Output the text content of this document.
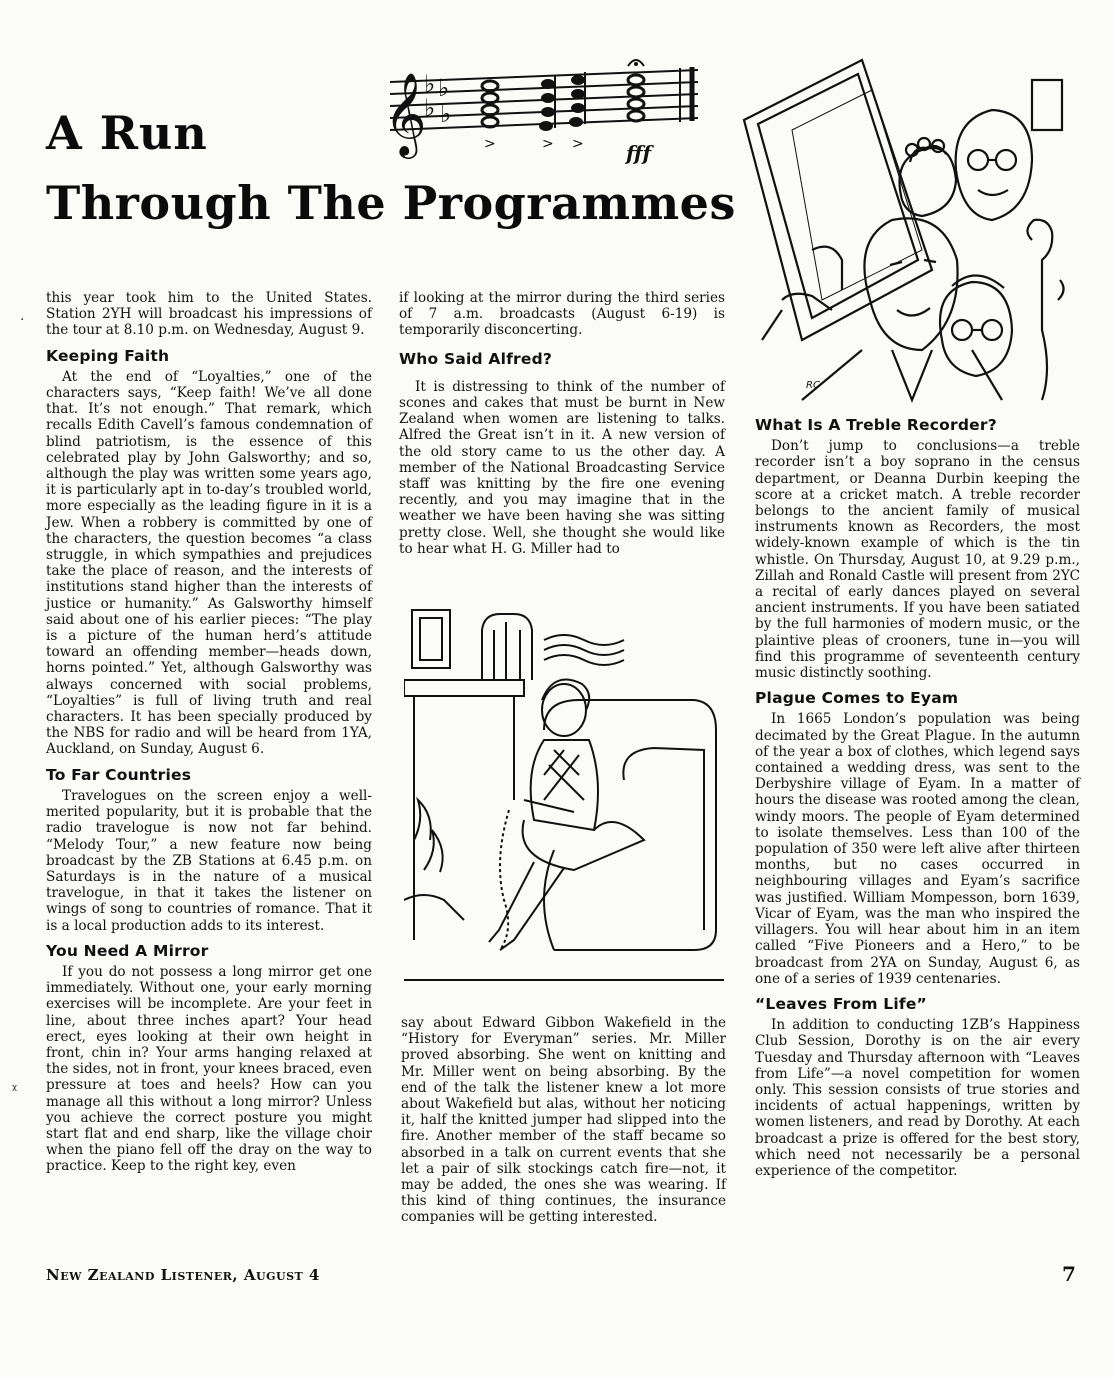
A Run
Through The Programmes
𝄞
♭ ♭
♭ ♭
>	> > fff

this year took him to the United States. Station 2YH will broadcast his impressions of the tour at 8.10 p.m. on Wednesday, August 9.

Keeping Faith

At the end of “Loyalties,” one of the characters says, “Keep faith! We’ve all done that. It’s not enough.” That remark, which recalls Edith Cavell’s famous condemnation of blind patriotism, is the essence of this celebrated play by John Galsworthy; and so, although the play was written some years ago, it is particularly apt in to-day’s troubled world, more especially as the leading figure in it is a Jew. When a robbery is committed by one of the characters, the question becomes “a class struggle, in which sympathies and prejudices take the place of reason, and the interests of institutions stand higher than the interests of justice or humanity.” As Galsworthy himself said about one of his earlier pieces: “The play is a picture of the human herd’s attitude toward an offending member—heads down, horns pointed.” Yet, although Galsworthy was always concerned with social problems, “Loyalties” is full of living truth and real characters. It has been specially produced by the NBS for radio and will be heard from 1YA, Auckland, on Sunday, August 6.

To Far Countries

Travelogues on the screen enjoy a well-merited popularity, but it is probable that the radio travelogue is now not far behind. “Melody Tour,” a new feature now being broadcast by the ZB Stations at 6.45 p.m. on Saturdays is in the nature of a musical travelogue, in that it takes the listener on wings of song to countries of romance. That it is a local production adds to its interest.

You Need A Mirror

If you do not possess a long mirror get one immediately. Without one, your early morning exercises will be incomplete. Are your feet in line, about three inches apart? Your head erect, eyes looking at their own height in front, chin in? Your arms hanging relaxed at the sides, not in front, your knees braced, even pressure at toes and heels? How can you manage all this without a long mirror? Unless you achieve the correct posture you might start flat and end sharp, like the village choir when the piano fell off the dray on the way to practice. Keep to the right key, even

if looking at the mirror during the third series of 7 a.m. broadcasts (August 6-19) is temporarily disconcerting.

Who Said Alfred?

It is distressing to think of the number of scones and cakes that must be burnt in New Zealand when women are listening to talks. Alfred the Great isn’t in it. A new version of the old story came to us the other day. A member of the National Broadcasting Service staff was knitting by the fire one evening recently, and you may imagine that in the weather we have been having she was sitting pretty close. Well, she thought she would like to hear what H. G. Miller had to

say about Edward Gibbon Wakefield in the “History for Everyman” series. Mr. Miller proved absorbing. She went on knitting and Mr. Miller went on being absorbing. By the end of the talk the listener knew a lot more about Wakefield but alas, without her noticing it, half the knitted jumper had slipped into the fire. Another member of the staff became so absorbed in a talk on current events that she let a pair of silk stockings catch fire—not, it may be added, the ones she was wearing. If this kind of thing continues, the insurance companies will be getting interested.

RC
What Is A Treble Recorder?

Don’t jump to conclusions—a treble recorder isn’t a boy soprano in the census department, or Deanna Durbin keeping the score at a cricket match. A treble recorder belongs to the ancient family of musical instruments known as Recorders, the most widely-known example of which is the tin whistle. On Thursday, August 10, at 9.29 p.m., Zillah and Ronald Castle will present from 2YC a recital of early dances played on several ancient instruments. If you have been satiated by the full harmonies of modern music, or the plaintive pleas of crooners, tune in—you will find this programme of seventeenth century music distinctly soothing.

Plague Comes to Eyam

In 1665 London’s population was being decimated by the Great Plague. In the autumn of the year a box of clothes, which legend says contained a wedding dress, was sent to the Derbyshire village of Eyam. In a matter of hours the disease was rooted among the clean, windy moors. The people of Eyam determined to isolate themselves. Less than 100 of the population of 350 were left alive after thirteen months, but no cases occurred in neighbouring villages and Eyam’s sacrifice was justified. William Mompesson, born 1639, Vicar of Eyam, was the man who inspired the villagers. You will hear about him in an item called “Five Pioneers and a Hero,” to be broadcast from 2YA on Sunday, August 6, as one of a series of 1939 centenaries.

“Leaves From Life”

In addition to conducting 1ZB’s Happiness Club Session, Dorothy is on the air every Tuesday and Thursday afternoon with “Leaves from Life”—a novel competition for women only. This session consists of true stories and incidents of actual happenings, written by women listeners, and read by Dorothy. At each broadcast a prize is offered for the best story, which need not necessarily be a personal experience of the competitor.

·
ᵡ
New Zealand Listener, August 4	7
